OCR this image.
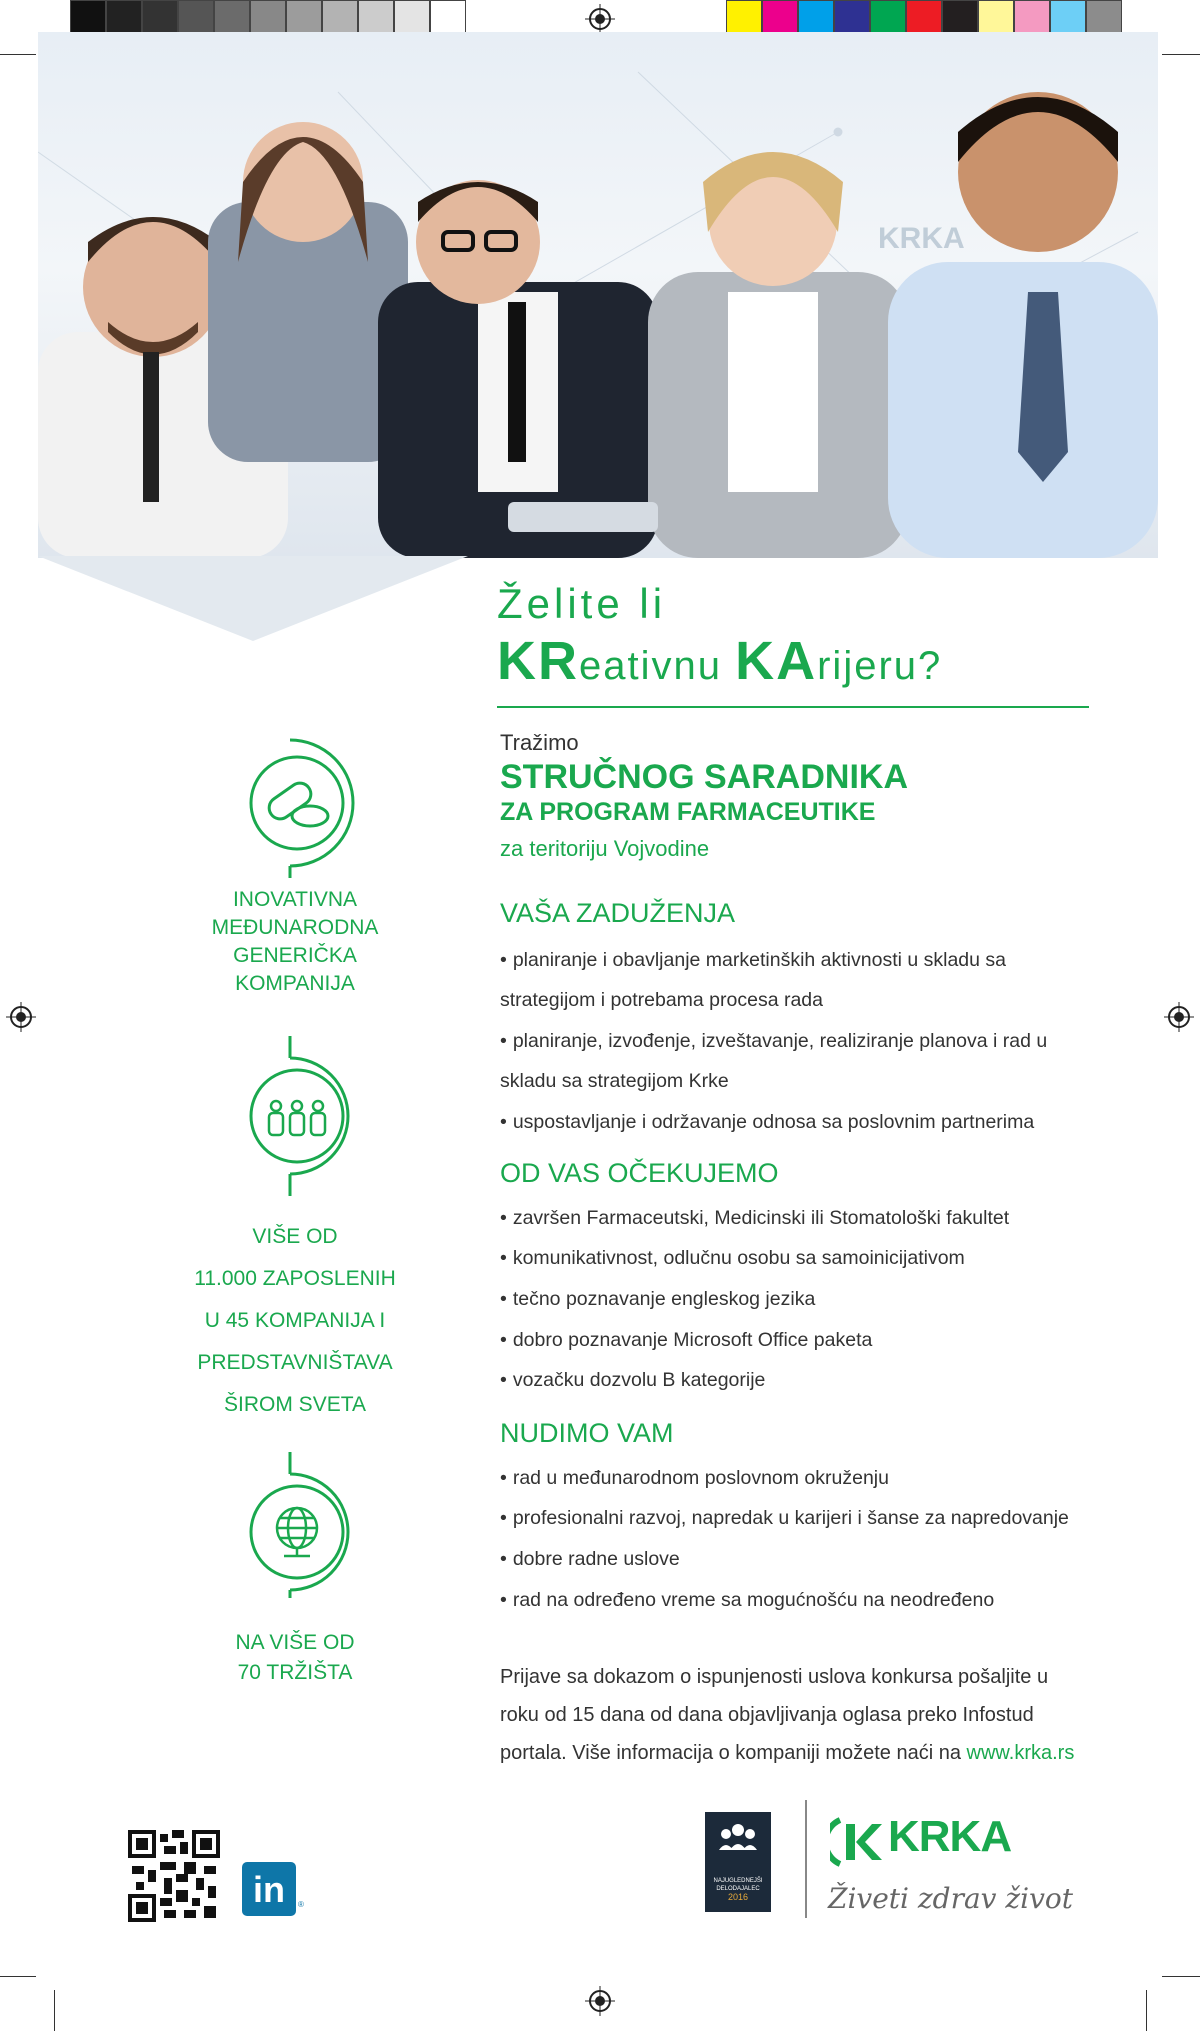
KRKA
Želite li
KReativnu KArijeru?
Tražimo
STRUČNOG SARADNIKA
ZA PROGRAM FARMACEUTIKE
za teritoriju Vojvodine
VAŠA ZADUŽENJA
• planiranje i obavljanje marketinških aktivnosti u skladu sa
strategijom i potrebama procesa rada
• planiranje, izvođenje, izveštavanje, realiziranje planova i rad u
skladu sa strategijom Krke
• uspostavljanje i održavanje odnosa sa poslovnim partnerima
OD VAS OČEKUJEMO
• završen Farmaceutski, Medicinski ili Stomatološki fakultet
• komunikativnost, odlučnu osobu sa samoinicijativom
• tečno poznavanje engleskog jezika
• dobro poznavanje Microsoft Office paketa
• vozačku dozvolu B kategorije
NUDIMO VAM
• rad u međunarodnom poslovnom okruženju
• profesionalni razvoj, napredak u karijeri i šanse za napredovanje
• dobre radne uslove
• rad na određeno vreme sa mogućnošću na neodređeno
Prijave sa dokazom o ispunjenosti uslova konkursa pošaljite u
roku od 15 dana od dana objavljivanja oglasa preko Infostud
portala. Više informacija o kompaniji možete naći na www.krka.rs
INOVATIVNA
MEĐUNARODNA
GENERIČKA
KOMPANIJA
VIŠE OD
11.000 ZAPOSLENIH
U 45 KOMPANIJA I
PREDSTAVNIŠTAVA
ŠIROM SVETA
NA VIŠE OD
70 TRŽIŠTA
in	®
NAJUGLEDNEJŠI
DELODAJALEC
2016
KRKA
Živeti zdrav život
